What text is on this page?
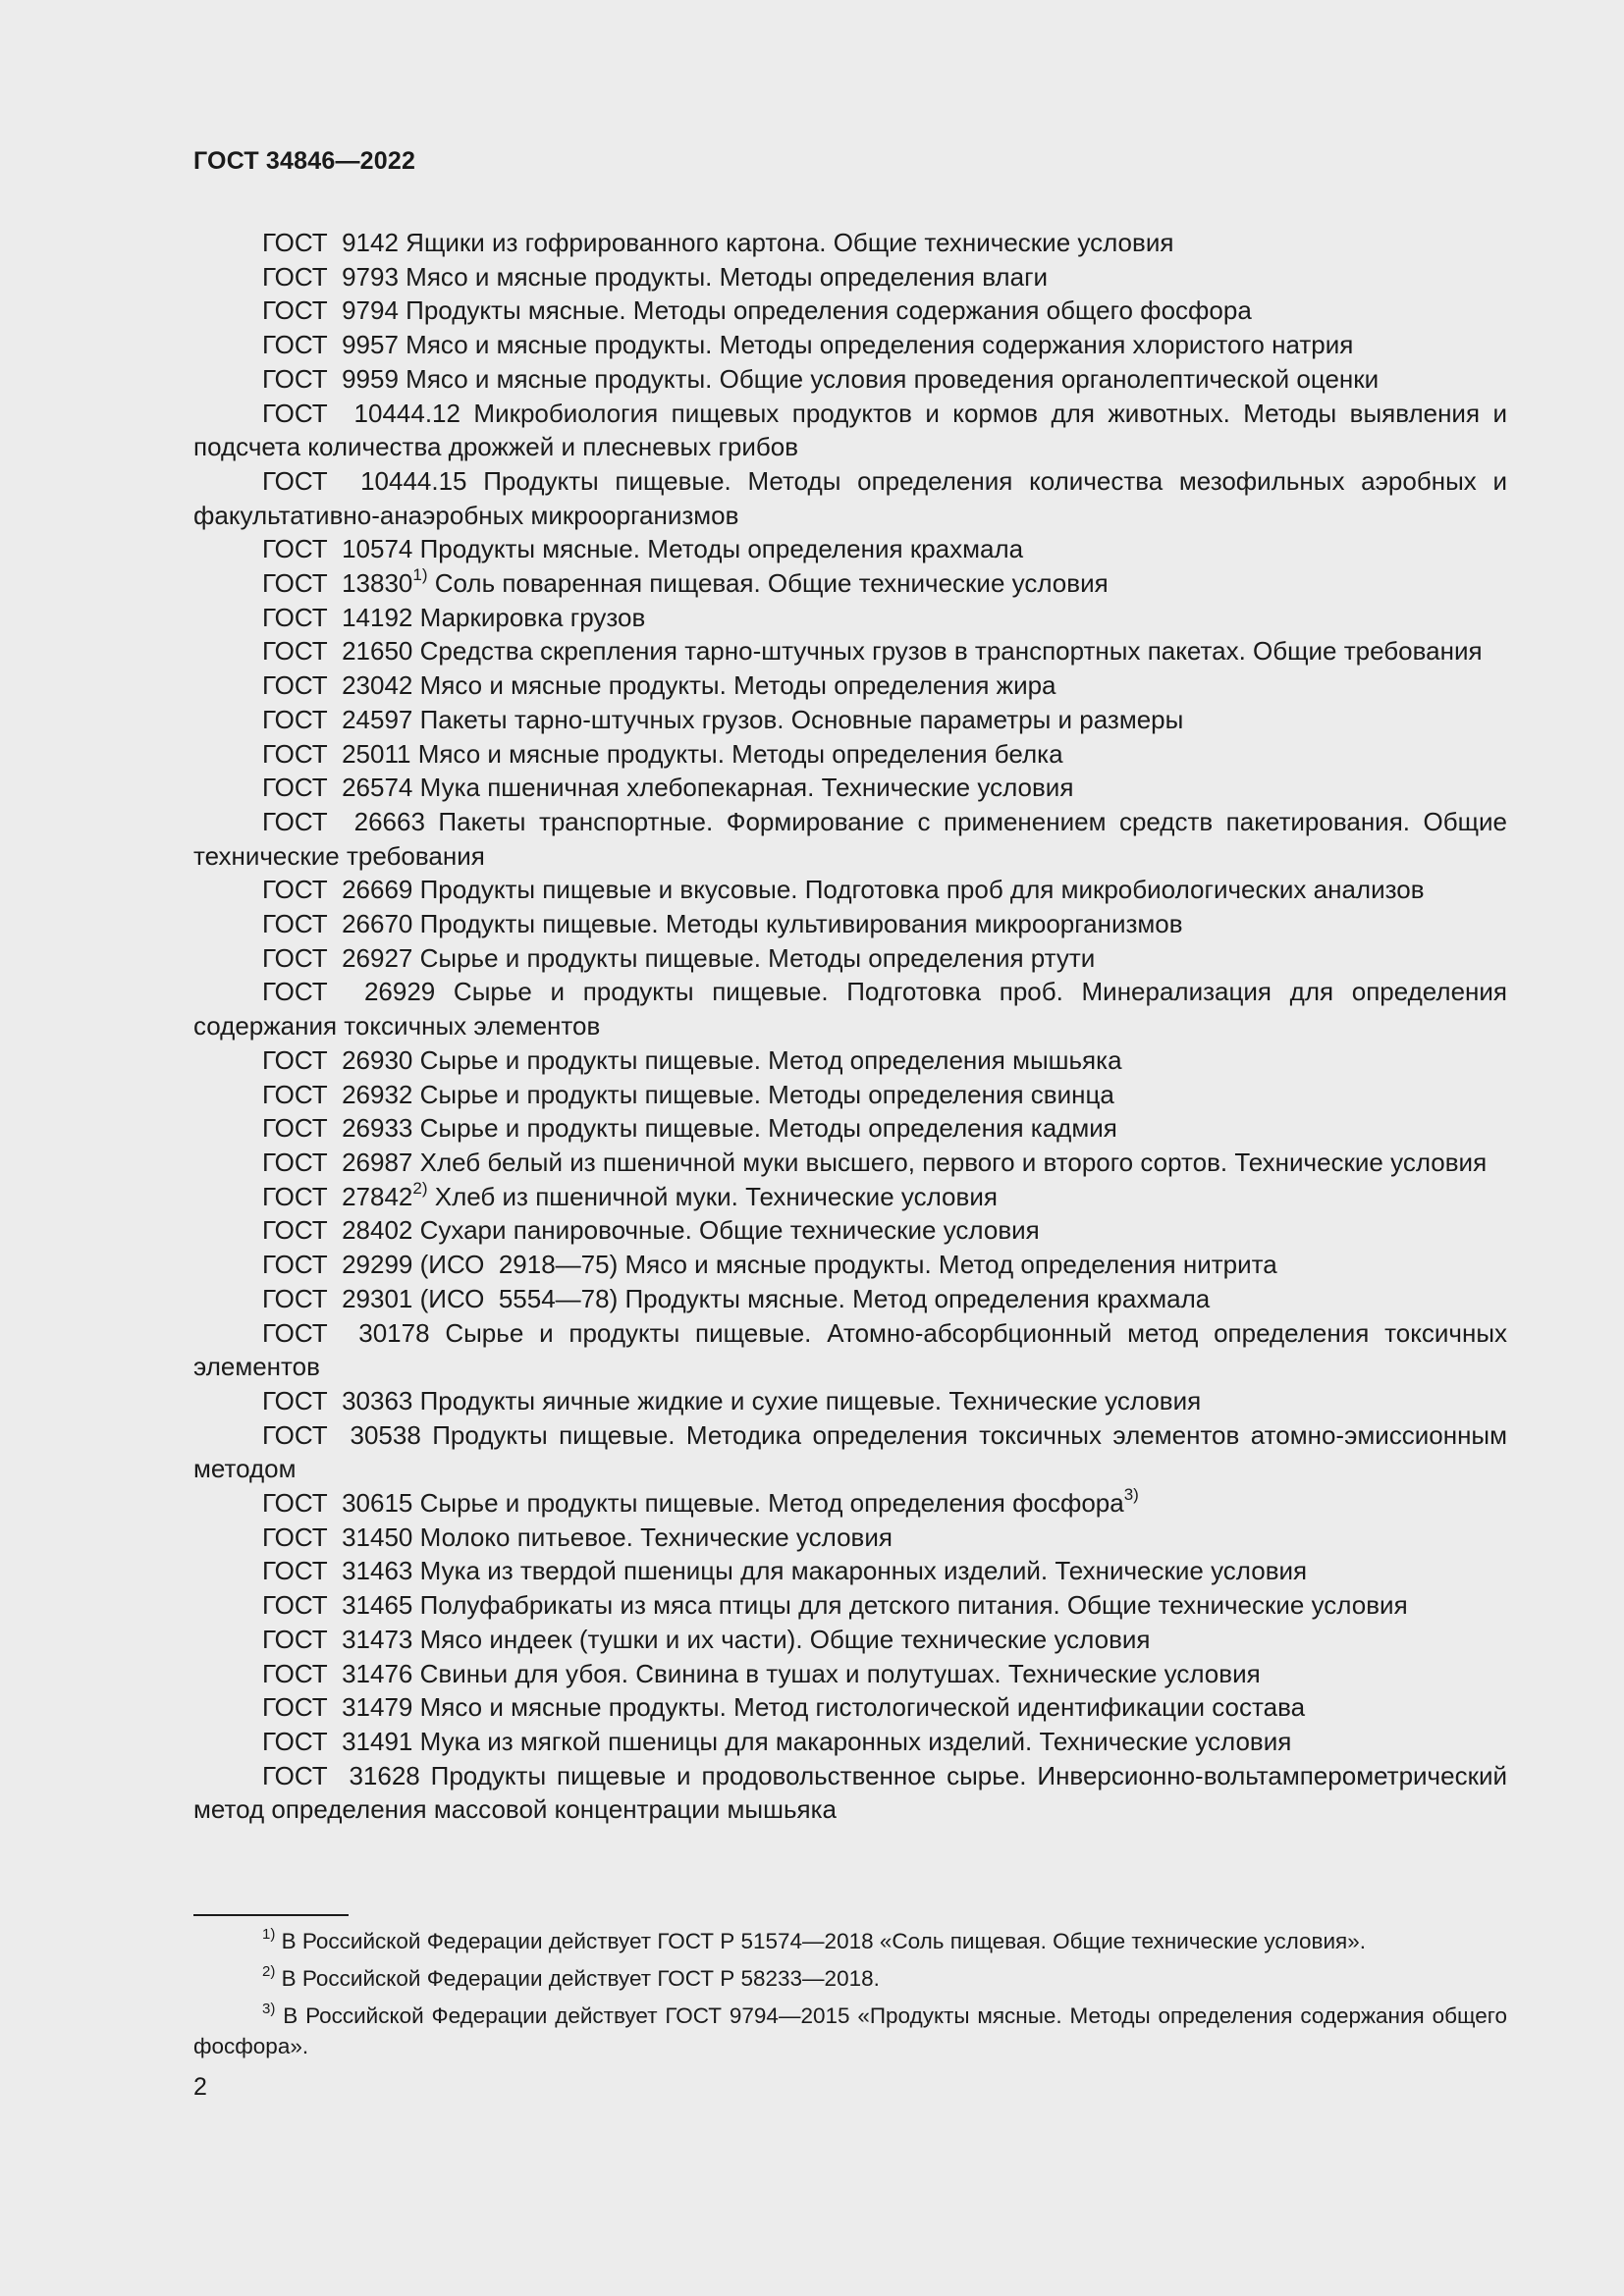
ГОСТ 34846—2022

ГОСТ  9142 Ящики из гофрированного картона. Общие технические условия

ГОСТ  9793 Мясо и мясные продукты. Методы определения влаги

ГОСТ  9794 Продукты мясные. Методы определения содержания общего фосфора

ГОСТ  9957 Мясо и мясные продукты. Методы определения содержания хлористого натрия

ГОСТ  9959 Мясо и мясные продукты. Общие условия проведения органолептической оценки

ГОСТ  10444.12 Микробиология пищевых продуктов и кормов для животных. Методы выявления и подсчета количества дрожжей и плесневых грибов

ГОСТ  10444.15 Продукты пищевые. Методы определения количества мезофильных аэробных и факультативно-анаэробных микроорганизмов

ГОСТ  10574 Продукты мясные. Методы определения крахмала

ГОСТ  13830$^{1)}$ Соль поваренная пищевая. Общие технические условия

ГОСТ  14192 Маркировка грузов

ГОСТ  21650 Средства скрепления тарно-штучных грузов в транспортных пакетах. Общие требования

ГОСТ  23042 Мясо и мясные продукты. Методы определения жира

ГОСТ  24597 Пакеты тарно-штучных грузов. Основные параметры и размеры

ГОСТ  25011 Мясо и мясные продукты. Методы определения белка

ГОСТ  26574 Мука пшеничная хлебопекарная. Технические условия

ГОСТ  26663 Пакеты транспортные. Формирование с применением средств пакетирования. Общие технические требования

ГОСТ  26669 Продукты пищевые и вкусовые. Подготовка проб для микробиологических анализов

ГОСТ  26670 Продукты пищевые. Методы культивирования микроорганизмов

ГОСТ  26927 Сырье и продукты пищевые. Методы определения ртути

ГОСТ  26929 Сырье и продукты пищевые. Подготовка проб. Минерализация для определения содержания токсичных элементов

ГОСТ  26930 Сырье и продукты пищевые. Метод определения мышьяка

ГОСТ  26932 Сырье и продукты пищевые. Методы определения свинца

ГОСТ  26933 Сырье и продукты пищевые. Методы определения кадмия

ГОСТ  26987 Хлеб белый из пшеничной муки высшего, первого и второго сортов. Технические условия

ГОСТ  27842$^{2)}$ Хлеб из пшеничной муки. Технические условия

ГОСТ  28402 Сухари панировочные. Общие технические условия

ГОСТ  29299 (ИСО  2918—75) Мясо и мясные продукты. Метод определения нитрита

ГОСТ  29301 (ИСО  5554—78) Продукты мясные. Метод определения крахмала

ГОСТ  30178 Сырье и продукты пищевые. Атомно-абсорбционный метод определения токсичных элементов

ГОСТ  30363 Продукты яичные жидкие и сухие пищевые. Технические условия

ГОСТ  30538 Продукты пищевые. Методика определения токсичных элементов атомно-эмиссионным методом

ГОСТ  30615 Сырье и продукты пищевые. Метод определения фосфора$^{3)}$

ГОСТ  31450 Молоко питьевое. Технические условия

ГОСТ  31463 Мука из твердой пшеницы для макаронных изделий. Технические условия

ГОСТ  31465 Полуфабрикаты из мяса птицы для детского питания. Общие технические условия

ГОСТ  31473 Мясо индеек (тушки и их части). Общие технические условия

ГОСТ  31476 Свиньи для убоя. Свинина в тушах и полутушах. Технические условия

ГОСТ  31479 Мясо и мясные продукты. Метод гистологической идентификации состава

ГОСТ  31491 Мука из мягкой пшеницы для макаронных изделий. Технические условия

ГОСТ  31628 Продукты пищевые и продовольственное сырье. Инверсионно-вольтамперометрический метод определения массовой концентрации мышьяка

$^{1)}$ В Российской Федерации действует ГОСТ Р 51574—2018 «Соль пищевая. Общие технические условия».

$^{2)}$ В Российской Федерации действует ГОСТ Р 58233—2018.

$^{3)}$ В Российской Федерации действует ГОСТ 9794—2015 «Продукты мясные. Методы определения содержания общего фосфора».

2
